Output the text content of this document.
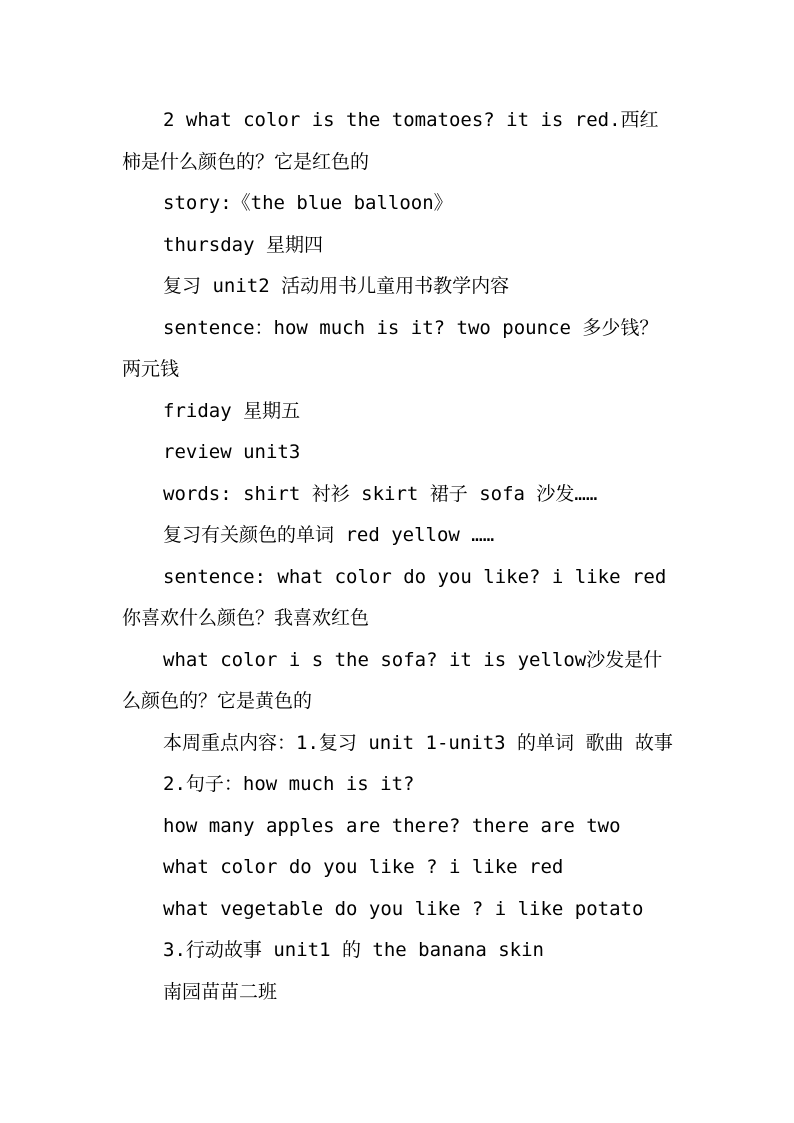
2 what color is the tomatoes? it is red.西红柿是什么颜色的？它是红色的

story:《the blue balloon》

thursday 星期四

复习 unit2 活动用书儿童用书教学内容

sentence：how much is it? two pounce 多少钱？两元钱

friday 星期五

review unit3

words: shirt 衬衫 skirt 裙子 sofa 沙发……

复习有关颜色的单词 red yellow ……

sentence: what color do you like? i like red 你喜欢什么颜色？我喜欢红色

what color i s the sofa? it is yellow沙发是什么颜色的？它是黄色的

本周重点内容：1.复习 unit 1-unit3 的单词 歌曲 故事

2.句子：how much is it?

how many apples are there? there are two

what color do you like ? i like red

what vegetable do you like ? i like potato

3.行动故事 unit1 的 the banana skin

南园苗苗二班
